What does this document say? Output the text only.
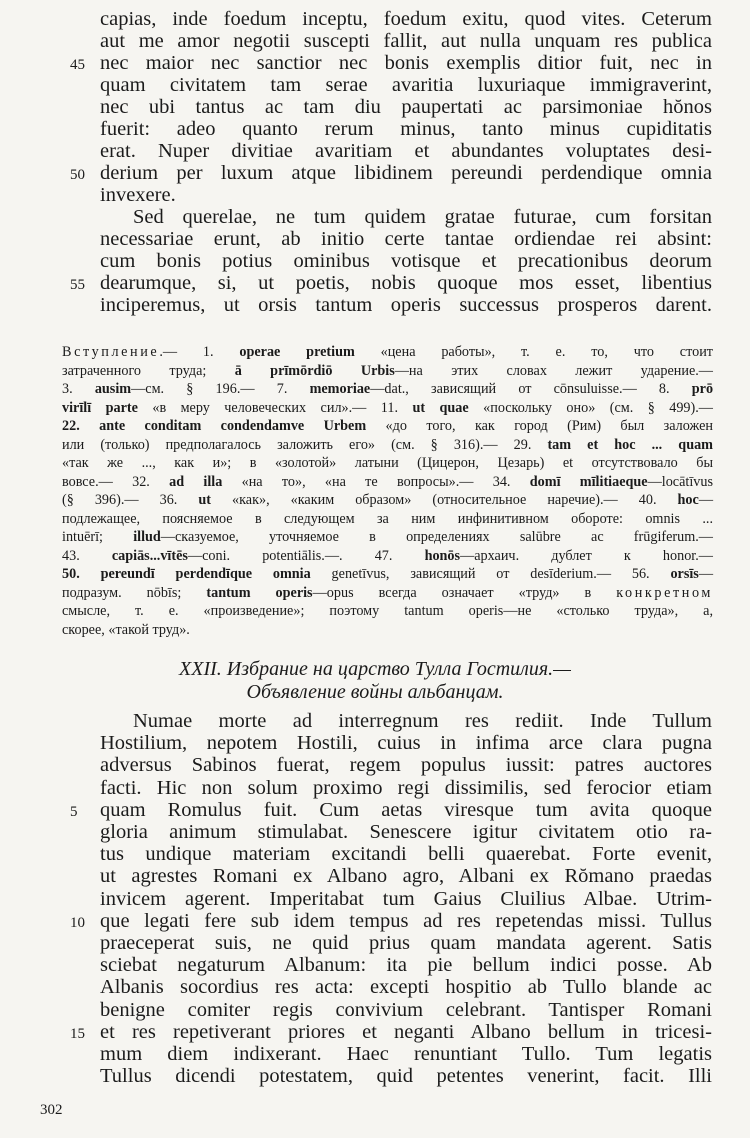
capias, inde foedum inceptu, foedum exitu, quod vites. Ceterum
aut me amor negotii suscepti fallit, aut nulla unquam res publica
nec maior nec sanctior nec bonis exemplis ditior fuit, nec in
45
quam civitatem tam serae avaritia luxuriaque immigraverint,
nec ubi tantus ac tam diu paupertati ac parsimoniae hŏnos
fuerit: adeo quanto rerum minus, tanto minus cupiditatis
erat. Nuper divitiae avaritiam et abundantes voluptates desi-
derium per luxum atque libidinem pereundi perdendique omnia
50
invexere.
Sed querelae, ne tum quidem gratae futurae, cum forsitan
necessariae erunt, ab initio certe tantae ordiendae rei absint:
cum bonis potius ominibus votisque et precationibus deorum
dearumque, si, ut poetis, nobis quoque mos esset, libentius
55
inciperemus, ut orsis tantum operis successus prosperos darent.
Вступление.— 1. operae pretium «цена работы», т. е. то, что стоит
затраченного труда; ā prīmōrdiō Urbis—на этих словах лежит ударение.—
3. ausim—см. § 196.— 7. memoriae—dat., зависящий от cōnsuluisse.— 8. prō
virīlī parte «в меру человеческих сил».— 11. ut quae «поскольку оно» (см. § 499).—
22. ante conditam condendamve Urbem «до того, как город (Рим) был заложен
или (только) предполагалось заложить его» (см. § 316).— 29. tam et hoc ... quam
«так же ..., как и»; в «золотой» латыни (Цицерон, Цезарь) et отсутствовало бы
вовсе.— 32. ad illa «на то», «на те вопросы».— 34. domī mīlitiaeque—locātīvus
(§ 396).— 36. ut «как», «каким образом» (относительное наречие).— 40. hoc—
подлежащее, поясняемое в следующем за ним инфинитивном обороте: omnis ...
intuērī; illud—сказуемое, уточняемое в определениях salūbre ac frūgiferum.—
43. capiās...vītēs—coni. potentiālis.—. 47. honōs—архаич. дублет к honor.—
50. pereundī perdendīque omnia genetīvus, зависящий от desīderium.— 56. orsīs—
подразум. nōbīs; tantum operis—opus всегда означает «труд» в конкретном
смысле, т. е. «произведение»; поэтому tantum operis—не «столько труда», а,
скорее, «такой труд».
XXII. Избрание на царство Тулла Гостилия.—
Объявление войны альбанцам.
Numae morte ad interregnum res rediit. Inde Tullum
Hostilium, nepotem Hostili, cuius in infima arce clara pugna
adversus Sabinos fuerat, regem populus iussit: patres auctores
facti. Hic non solum proximo regi dissimilis, sed ferocior etiam
quam Romulus fuit. Cum aetas viresque tum avita quoque
5
gloria animum stimulabat. Senescere igitur civitatem otio ra-
tus undique materiam excitandi belli quaerebat. Forte evenit,
ut agrestes Romani ex Albano agro, Albani ex Rŏmano praedas
invicem agerent. Imperitabat tum Gaius Cluilius Albae. Utrim-
que legati fere sub idem tempus ad res repetendas missi. Tullus
10
praeceperat suis, ne quid prius quam mandata agerent. Satis
sciebat negaturum Albanum: ita pie bellum indici posse. Ab
Albanis socordius res acta: excepti hospitio ab Tullo blande ac
benigne comiter regis convivium celebrant. Tantisper Romani
et res repetiverant priores et neganti Albano bellum in tricesi-
15
mum diem indixerant. Haec renuntiant Tullo. Tum legatis
Tullus dicendi potestatem, quid petentes venerint, facit. Illi
302
